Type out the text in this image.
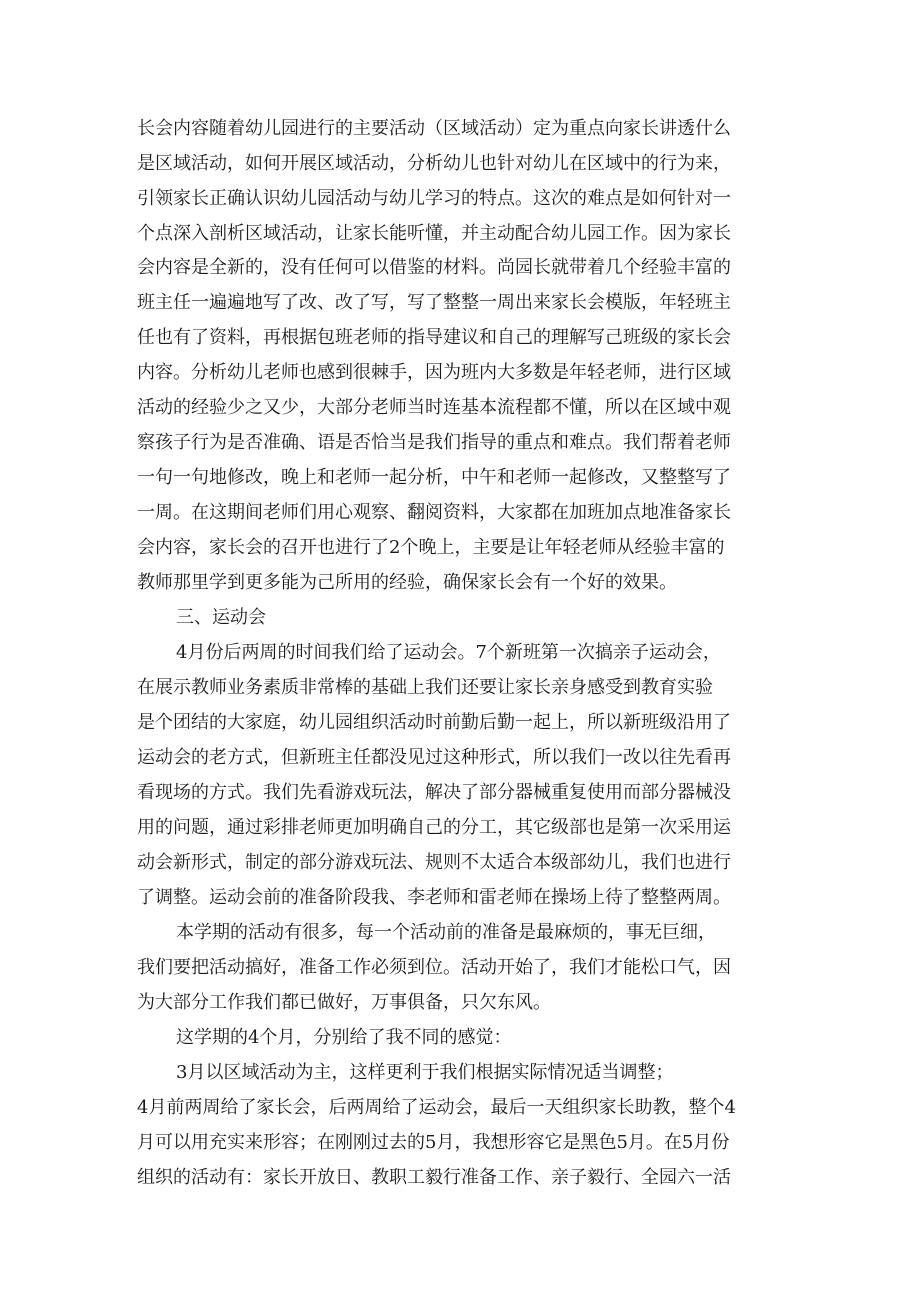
长会内容随着幼儿园进行的主要活动（区域活动）定为重点向家长讲透什么
是区域活动，如何开展区域活动，分析幼儿也针对幼儿在区域中的行为来，
引领家长正确认识幼儿园活动与幼儿学习的特点。这次的难点是如何针对一
个点深入剖析区域活动，让家长能听懂，并主动配合幼儿园工作。因为家长
会内容是全新的，没有任何可以借鉴的材料。尚园长就带着几个经验丰富的
班主任一遍遍地写了改、改了写，写了整整一周出来家长会模版，年轻班主
任也有了资料，再根据包班老师的指导建议和自己的理解写己班级的家长会
内容。分析幼儿老师也感到很棘手，因为班内大多数是年轻老师，进行区域
活动的经验少之又少，大部分老师当时连基本流程都不懂，所以在区域中观
察孩子行为是否准确、语是否恰当是我们指导的重点和难点。我们帮着老师
一句一句地修改，晚上和老师一起分析，中午和老师一起修改，又整整写了
一周。在这期间老师们用心观察、翻阅资料，大家都在加班加点地准备家长
会内容，家长会的召开也进行了2个晚上，主要是让年轻老师从经验丰富的
教师那里学到更多能为己所用的经验，确保家长会有一个好的效果。
三、运动会
4月份后两周的时间我们给了运动会。7个新班第一次搞亲子运动会，
在展示教师业务素质非常棒的基础上我们还要让家长亲身感受到教育实验
是个团结的大家庭，幼儿园组织活动时前勤后勤一起上，所以新班级沿用了
运动会的老方式，但新班主任都没见过这种形式，所以我们一改以往先看再
看现场的方式。我们先看游戏玩法，解决了部分器械重复使用而部分器械没
用的问题，通过彩排老师更加明确自己的分工，其它级部也是第一次采用运
动会新形式，制定的部分游戏玩法、规则不太适合本级部幼儿，我们也进行
了调整。运动会前的准备阶段我、李老师和雷老师在操场上待了整整两周。
本学期的活动有很多，每一个活动前的准备是最麻烦的，事无巨细，
我们要把活动搞好，准备工作必须到位。活动开始了，我们才能松口气，因
为大部分工作我们都已做好，万事俱备，只欠东风。
这学期的4个月，分别给了我不同的感觉：
3月以区域活动为主，这样更利于我们根据实际情况适当调整；
4月前两周给了家长会，后两周给了运动会，最后一天组织家长助教，整个4
月可以用充实来形容；在刚刚过去的5月，我想形容它是黑色5月。在5月份
组织的活动有：家长开放日、教职工毅行准备工作、亲子毅行、全园六一活
